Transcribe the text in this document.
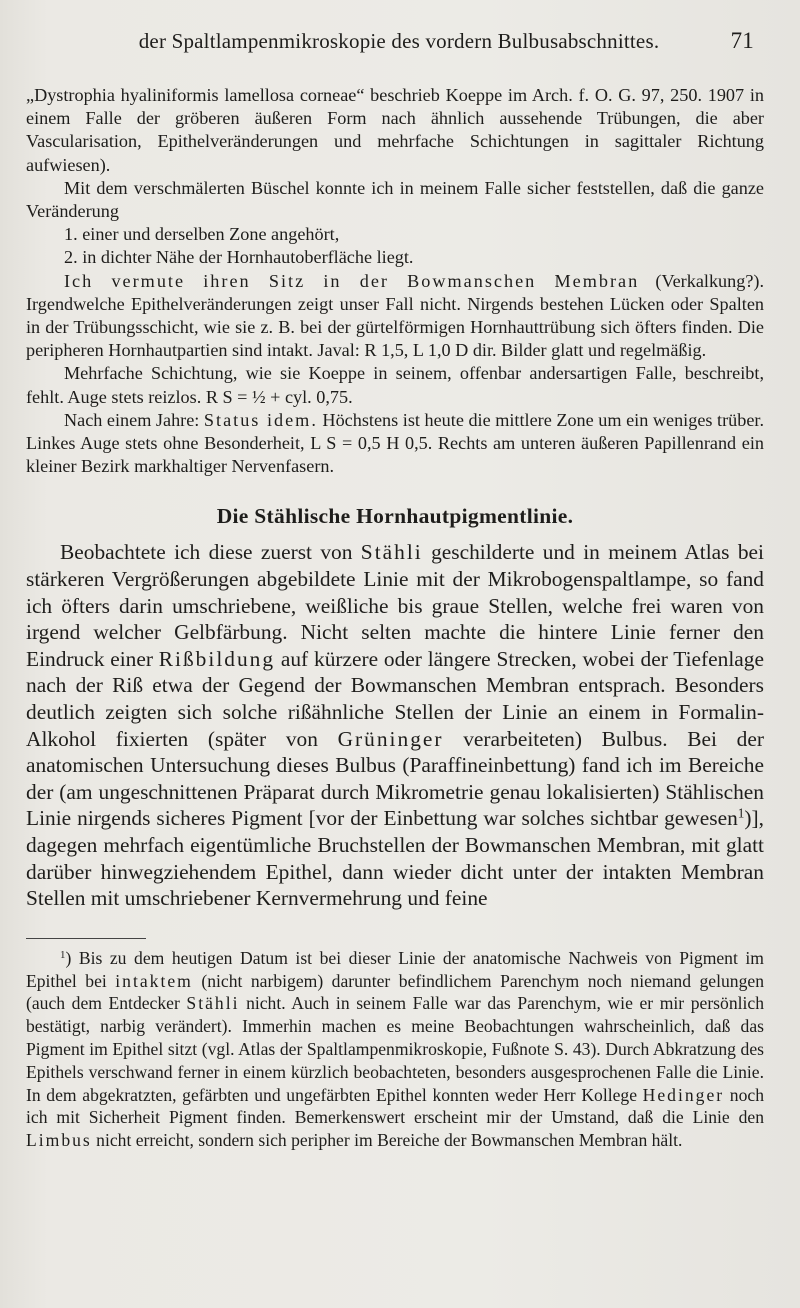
der Spaltlampenmikroskopie des vordern Bulbusabschnittes.	71

„Dystrophia hyaliniformis lamellosa corneae“ beschrieb Koeppe im Arch. f. O. G. 97, 250. 1907 in einem Falle der gröberen äußeren Form nach ähnlich aussehende Trübungen, die aber Vascularisation, Epithelveränderungen und mehrfache Schichtungen in sagittaler Richtung aufwiesen).

Mit dem verschmälerten Büschel konnte ich in meinem Falle sicher feststellen, daß die ganze Veränderung

1. einer und derselben Zone angehört,

2. in dichter Nähe der Hornhautoberfläche liegt.

Ich vermute ihren Sitz in der Bowmanschen Membran (Verkalkung?). Irgendwelche Epithelveränderungen zeigt unser Fall nicht. Nirgends bestehen Lücken oder Spalten in der Trübungsschicht, wie sie z. B. bei der gürtelförmigen Hornhauttrübung sich öfters finden. Die peripheren Hornhautpartien sind intakt. Javal: R 1,5, L 1,0 D dir. Bilder glatt und regelmäßig.

Mehrfache Schichtung, wie sie Koeppe in seinem, offenbar andersartigen Falle, beschreibt, fehlt. Auge stets reizlos. R S = ½ + cyl. 0,75.

Nach einem Jahre: Status idem. Höchstens ist heute die mittlere Zone um ein weniges trüber. Linkes Auge stets ohne Besonderheit, L S = 0,5 H 0,5. Rechts am unteren äußeren Papillenrand ein kleiner Bezirk markhaltiger Nervenfasern.

Die Stählische Hornhautpigmentlinie.

Beobachtete ich diese zuerst von Stähli geschilderte und in meinem Atlas bei stärkeren Vergrößerungen abgebildete Linie mit der Mikrobogenspaltlampe, so fand ich öfters darin umschriebene, weißliche bis graue Stellen, welche frei waren von irgend welcher Gelbfärbung. Nicht selten machte die hintere Linie ferner den Eindruck einer Rißbildung auf kürzere oder längere Strecken, wobei der Tiefenlage nach der Riß etwa der Gegend der Bowmanschen Membran entsprach. Besonders deutlich zeigten sich solche rißähnliche Stellen der Linie an einem in Formalin-Alkohol fixierten (später von Grüninger verarbeiteten) Bulbus. Bei der anatomischen Untersuchung dieses Bulbus (Paraffineinbettung) fand ich im Bereiche der (am ungeschnittenen Präparat durch Mikrometrie genau lokalisierten) Stählischen Linie nirgends sicheres Pigment [vor der Einbettung war solches sichtbar gewesen$^1$)], dagegen mehrfach eigentümliche Bruchstellen der Bowmanschen Membran, mit glatt darüber hinwegziehendem Epithel, dann wieder dicht unter der intakten Membran Stellen mit umschriebener Kernvermehrung und feine

$^1$) Bis zu dem heutigen Datum ist bei dieser Linie der anatomische Nachweis von Pigment im Epithel bei intaktem (nicht narbigem) darunter befindlichem Parenchym noch niemand gelungen (auch dem Entdecker Stähli nicht. Auch in seinem Falle war das Parenchym, wie er mir persönlich bestätigt, narbig verändert). Immerhin machen es meine Beobachtungen wahrscheinlich, daß das Pigment im Epithel sitzt (vgl. Atlas der Spaltlampenmikroskopie, Fußnote S. 43). Durch Abkratzung des Epithels verschwand ferner in einem kürzlich beobachteten, besonders ausgesprochenen Falle die Linie. In dem abgekratzten, gefärbten und ungefärbten Epithel konnten weder Herr Kollege Hedinger noch ich mit Sicherheit Pigment finden. Bemerkenswert erscheint mir der Umstand, daß die Linie den Limbus nicht erreicht, sondern sich peripher im Bereiche der Bowmanschen Membran hält.
